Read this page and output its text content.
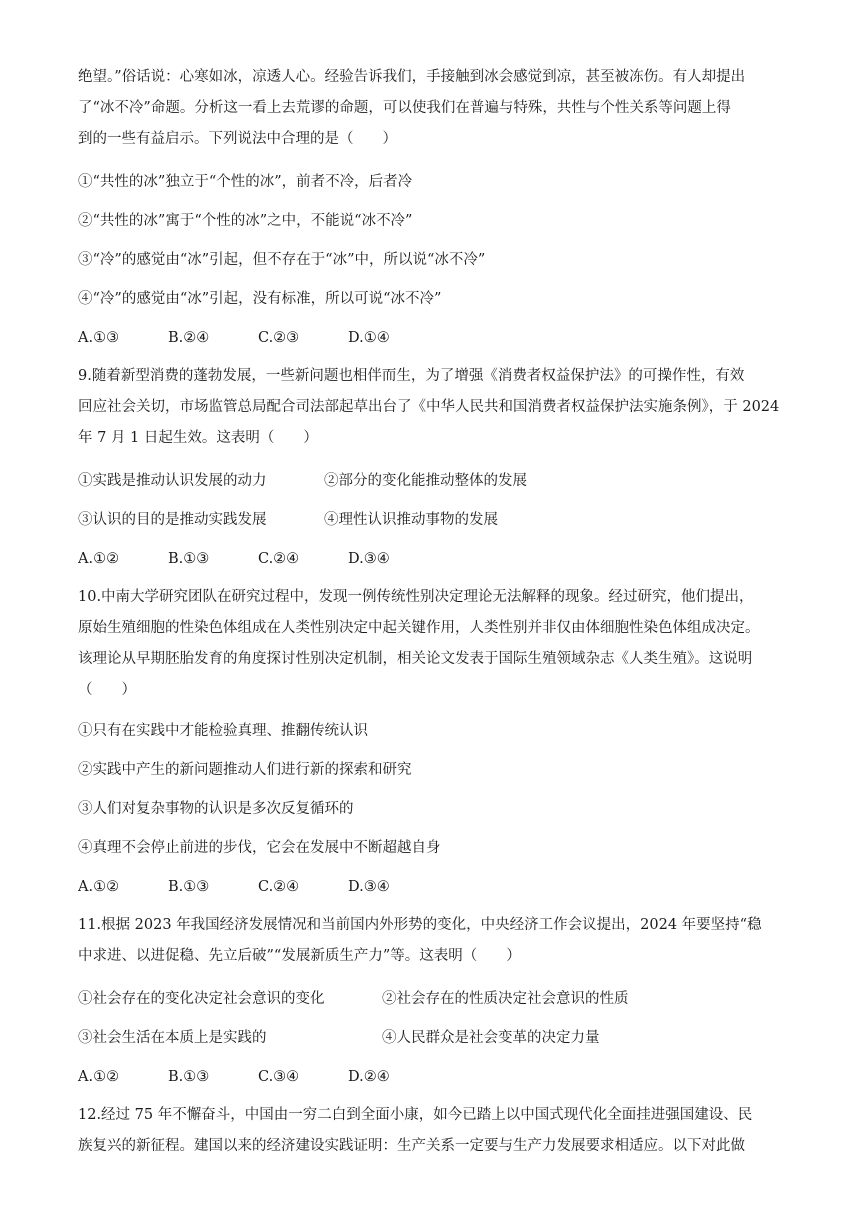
绝望。”俗话说：心寒如冰，凉透人心。经验告诉我们，手接触到冰会感觉到凉，甚至被冻伤。有人却提出
了“冰不冷”命题。分析这一看上去荒谬的命题，可以使我们在普遍与特殊，共性与个性关系等问题上得
到的一些有益启示。下列说法中合理的是（　　）

①“共性的冰”独立于“个性的冰”，前者不冷，后者冷

②“共性的冰”寓于“个性的冰”之中，不能说“冰不冷”

③“冷”的感觉由“冰”引起，但不存在于“冰”中，所以说“冰不冷”

④“冷”的感觉由“冰”引起，没有标准，所以可说“冰不冷”

A.①③	B.②④	C.②③	D.①④
9.随着新型消费的蓬勃发展，一些新问题也相伴而生，为了增强《消费者权益保护法》的可操作性，有效
回应社会关切，市场监管总局配合司法部起草出台了《中华人民共和国消费者权益保护法实施条例》，于 2024
年 7 月 1 日起生效。这表明（　　）
①实践是推动认识发展的动力	②部分的变化能推动整体的发展
③认识的目的是推动实践发展	④理性认识推动事物的发展
A.①②	B.①③	C.②④	D.③④
10.中南大学研究团队在研究过程中，发现一例传统性别决定理论无法解释的现象。经过研究，他们提出，
原始生殖细胞的性染色体组成在人类性别决定中起关键作用，人类性别并非仅由体细胞性染色体组成决定。
该理论从早期胚胎发育的角度探讨性别决定机制，相关论文发表于国际生殖领域杂志《人类生殖》。这说明
（　　）

①只有在实践中才能检验真理、推翻传统认识

②实践中产生的新问题推动人们进行新的探索和研究

③人们对复杂事物的认识是多次反复循环的

④真理不会停止前进的步伐，它会在发展中不断超越自身

A.①②	B.①③	C.②④	D.③④
11.根据 2023 年我国经济发展情况和当前国内外形势的变化，中央经济工作会议提出，2024 年要坚持“稳
中求进、以进促稳、先立后破”“发展新质生产力”等。这表明（　　）
①社会存在的变化决定社会意识的变化	②社会存在的性质决定社会意识的性质
③社会生活在本质上是实践的	④人民群众是社会变革的决定力量
A.①②	B.①③	C.③④	D.②④
12.经过 75 年不懈奋斗，中国由一穷二白到全面小康，如今已踏上以中国式现代化全面挂进强国建设、民
族复兴的新征程。建国以来的经济建设实践证明：生产关系一定要与生产力发展要求相适应。以下对此做
